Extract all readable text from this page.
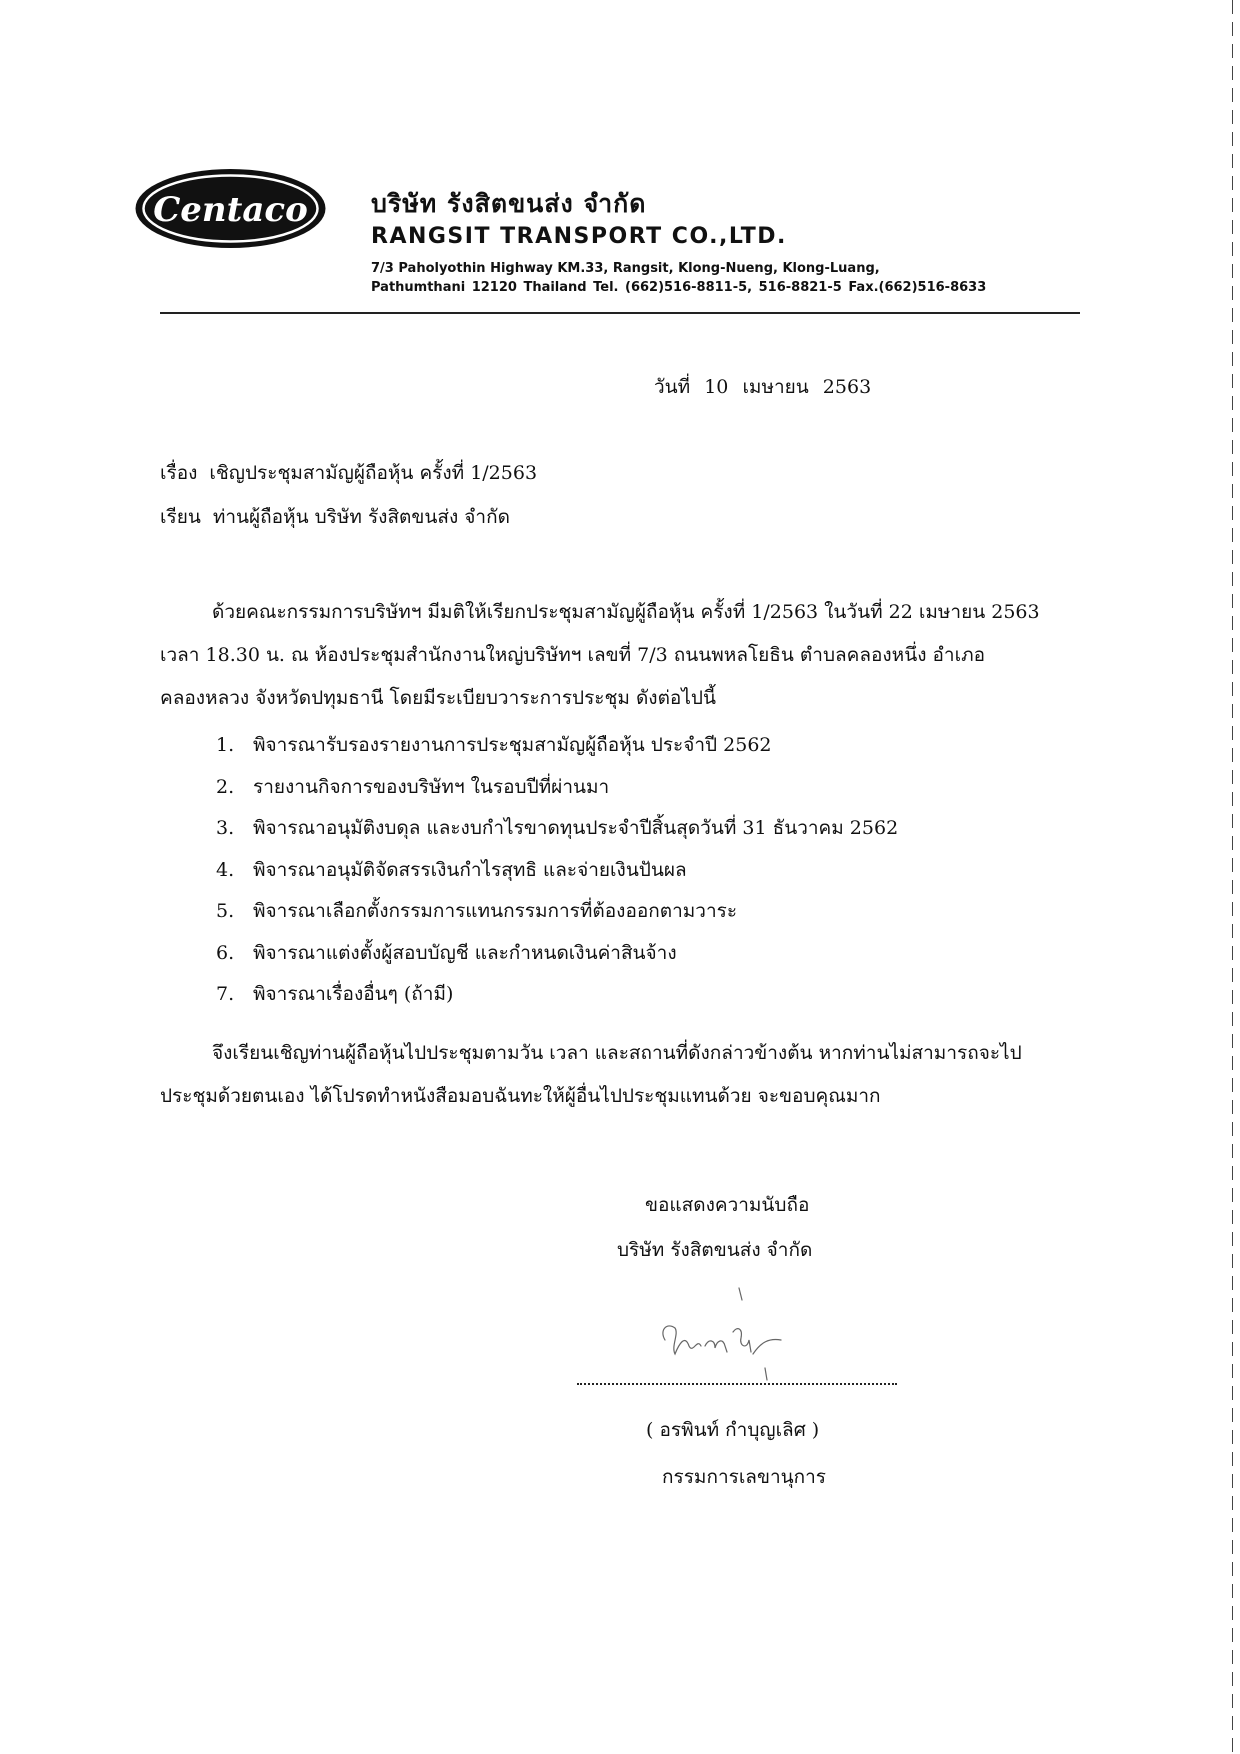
Centaco	บริษัท รังสิตขนส่ง จำกัด
RANGSIT TRANSPORT CO.,LTD.
7/3 Paholyothin Highway KM.33, Rangsit, Klong-Nueng, Klong-Luang,
Pathumthani 12120 Thailand Tel. (662)516-8811-5, 516-8821-5 Fax.(662)516-8633
วันที่ 10 เมษายน 2563
เรื่อง เชิญประชุมสามัญผู้ถือหุ้น ครั้งที่ 1/2563
เรียน ท่านผู้ถือหุ้น บริษัท รังสิตขนส่ง จำกัด
ด้วยคณะกรรมการบริษัทฯ มีมติให้เรียกประชุมสามัญผู้ถือหุ้น ครั้งที่ 1/2563 ในวันที่ 22 เมษายน 2563 เวลา 18.30 น. ณ ห้องประชุมสำนักงานใหญ่บริษัทฯ เลขที่ 7/3 ถนนพหลโยธิน ตำบลคลองหนึ่ง อำเภอคลองหลวง จังหวัดปทุมธานี โดยมีระเบียบวาระการประชุม ดังต่อไปนี้
1. พิจารณารับรองรายงานการประชุมสามัญผู้ถือหุ้น ประจำปี 2562
2. รายงานกิจการของบริษัทฯ ในรอบปีที่ผ่านมา
3. พิจารณาอนุมัติงบดุล และงบกำไรขาดทุนประจำปีสิ้นสุดวันที่ 31 ธันวาคม 2562
4. พิจารณาอนุมัติจัดสรรเงินกำไรสุทธิ และจ่ายเงินปันผล
5. พิจารณาเลือกตั้งกรรมการแทนกรรมการที่ต้องออกตามวาระ
6. พิจารณาแต่งตั้งผู้สอบบัญชี และกำหนดเงินค่าสินจ้าง
7. พิจารณาเรื่องอื่นๆ (ถ้ามี)
จึงเรียนเชิญท่านผู้ถือหุ้นไปประชุมตามวัน เวลา และสถานที่ดังกล่าวข้างต้น หากท่านไม่สามารถจะไปประชุมด้วยตนเอง ได้โปรดทำหนังสือมอบฉันทะให้ผู้อื่นไปประชุมแทนด้วย จะขอบคุณมาก
ขอแสดงความนับถือ
บริษัท รังสิตขนส่ง จำกัด
( อรพินท์ กำบุญเลิศ )
กรรมการเลขานุการ
